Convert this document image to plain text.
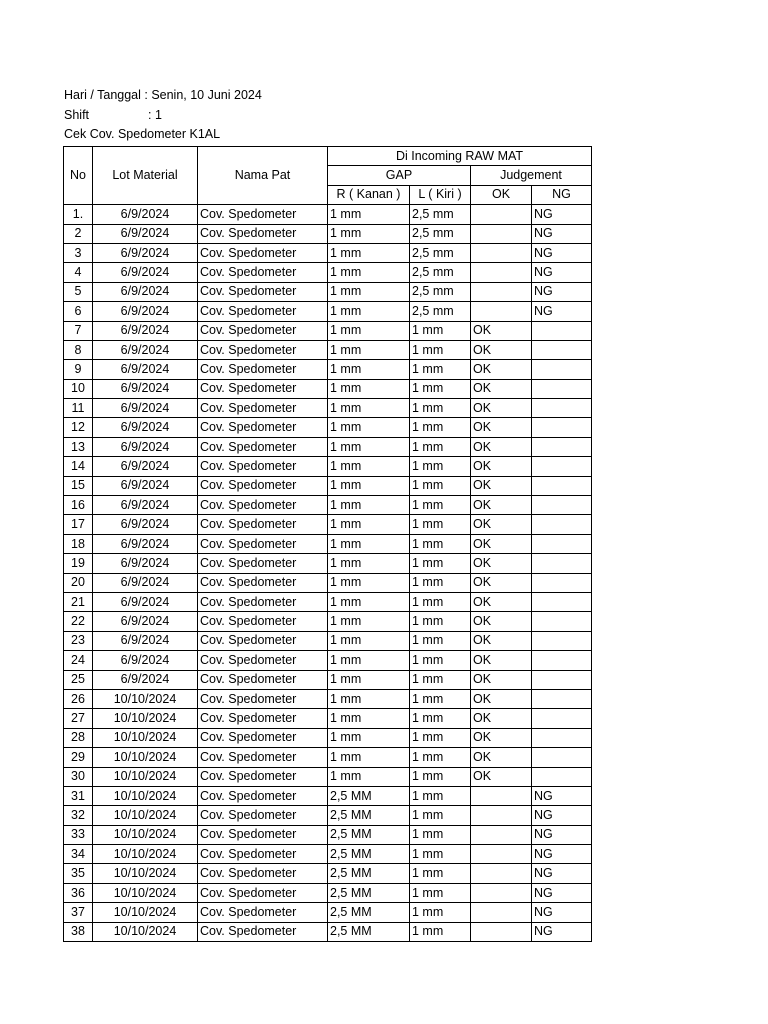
Hari / Tanggal : Senin, 10 Juni 2024
Shift	: 1
Cek Cov. Spedometer K1AL
No	Lot Material	Nama Pat	Di Incoming RAW MAT			
			GAP		Judgement	
			R ( Kanan )	L ( Kiri )	OK	NG
1.	6/9/2024	Cov. Spedometer	1 mm	2,5 mm		NG
2	6/9/2024	Cov. Spedometer	1 mm	2,5 mm		NG
3	6/9/2024	Cov. Spedometer	1 mm	2,5 mm		NG
4	6/9/2024	Cov. Spedometer	1 mm	2,5 mm		NG
5	6/9/2024	Cov. Spedometer	1 mm	2,5 mm		NG
6	6/9/2024	Cov. Spedometer	1 mm	2,5 mm		NG
7	6/9/2024	Cov. Spedometer	1 mm	1 mm	OK	
8	6/9/2024	Cov. Spedometer	1 mm	1 mm	OK	
9	6/9/2024	Cov. Spedometer	1 mm	1 mm	OK	
10	6/9/2024	Cov. Spedometer	1 mm	1 mm	OK	
11	6/9/2024	Cov. Spedometer	1 mm	1 mm	OK	
12	6/9/2024	Cov. Spedometer	1 mm	1 mm	OK	
13	6/9/2024	Cov. Spedometer	1 mm	1 mm	OK	
14	6/9/2024	Cov. Spedometer	1 mm	1 mm	OK	
15	6/9/2024	Cov. Spedometer	1 mm	1 mm	OK	
16	6/9/2024	Cov. Spedometer	1 mm	1 mm	OK	
17	6/9/2024	Cov. Spedometer	1 mm	1 mm	OK	
18	6/9/2024	Cov. Spedometer	1 mm	1 mm	OK	
19	6/9/2024	Cov. Spedometer	1 mm	1 mm	OK	
20	6/9/2024	Cov. Spedometer	1 mm	1 mm	OK	
21	6/9/2024	Cov. Spedometer	1 mm	1 mm	OK	
22	6/9/2024	Cov. Spedometer	1 mm	1 mm	OK	
23	6/9/2024	Cov. Spedometer	1 mm	1 mm	OK	
24	6/9/2024	Cov. Spedometer	1 mm	1 mm	OK	
25	6/9/2024	Cov. Spedometer	1 mm	1 mm	OK	
26	10/10/2024	Cov. Spedometer	1 mm	1 mm	OK	
27	10/10/2024	Cov. Spedometer	1 mm	1 mm	OK	
28	10/10/2024	Cov. Spedometer	1 mm	1 mm	OK	
29	10/10/2024	Cov. Spedometer	1 mm	1 mm	OK	
30	10/10/2024	Cov. Spedometer	1 mm	1 mm	OK	
31	10/10/2024	Cov. Spedometer	2,5 MM	1 mm		NG
32	10/10/2024	Cov. Spedometer	2,5 MM	1 mm		NG
33	10/10/2024	Cov. Spedometer	2,5 MM	1 mm		NG
34	10/10/2024	Cov. Spedometer	2,5 MM	1 mm		NG
35	10/10/2024	Cov. Spedometer	2,5 MM	1 mm		NG
36	10/10/2024	Cov. Spedometer	2,5 MM	1 mm		NG
37	10/10/2024	Cov. Spedometer	2,5 MM	1 mm		NG
38	10/10/2024	Cov. Spedometer	2,5 MM	1 mm		NG
